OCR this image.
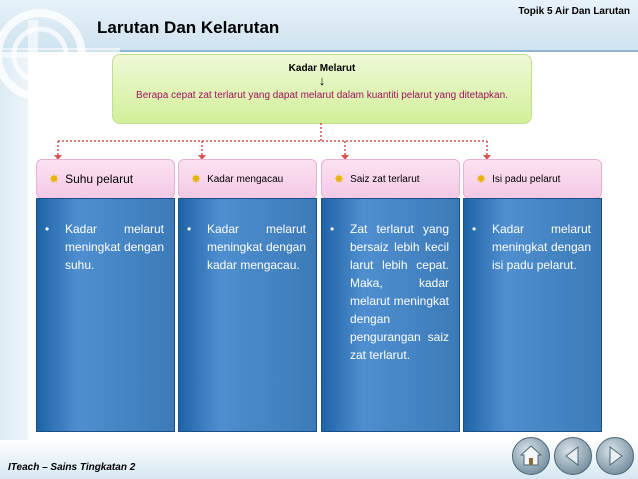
Topik 5 Air Dan Larutan
Larutan Dan Kelarutan
Kadar Melarut
↓
Berapa cepat zat terlarut yang dapat melarut dalam kuantiti pelarut yang ditetapkan.
✸ Suhu pelarut	✸ Kadar mengacau	✸ Saiz zat terlarut	✸ Isi padu pelarut
• Kadar melarut meningkat dengan suhu.
• Kadar melarut meningkat dengan kadar mengacau.
• Zat terlarut yang bersaiz lebih kecil larut lebih cepat. Maka, kadar melarut meningkat dengan pengurangan saiz zat terlarut.
• Kadar melarut meningkat dengan isi padu pelarut.
ITeach – Sains Tingkatan 2
